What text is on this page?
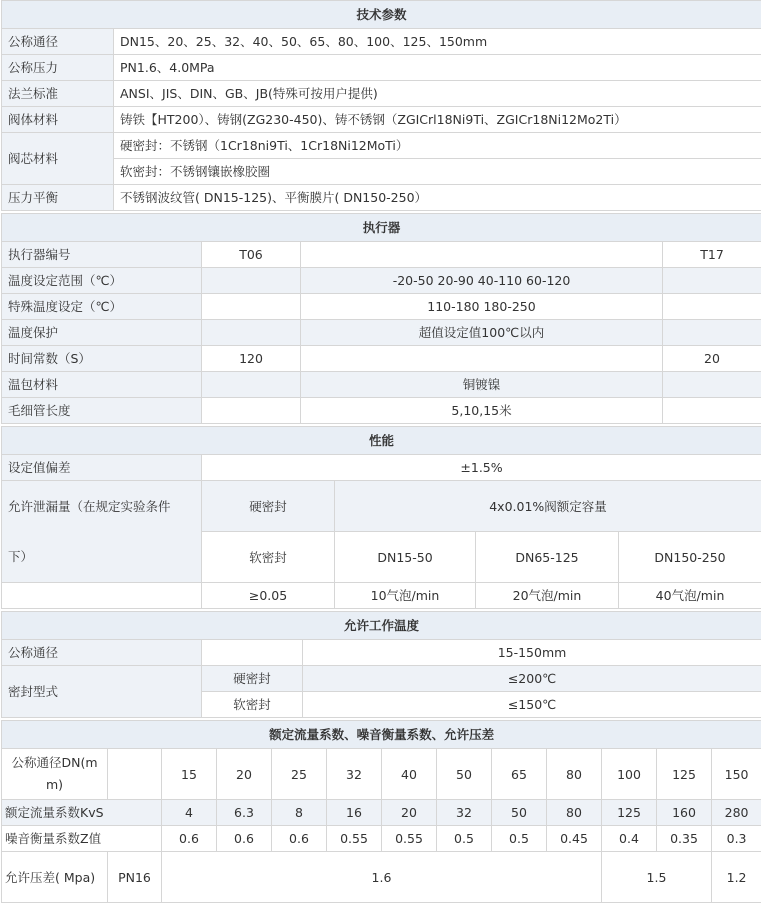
技术参数	
公称通径	DN15、20、25、32、40、50、65、80、100、125、150mm
公称压力	PN1.6、4.0MPa
法兰标准	ANSI、JIS、DIN、GB、JB(特殊可按用户提供)
阀体材料	铸铁【HT200）、铸钢(ZG230-450)、铸不锈钢（ZGICrl18Ni9Ti、ZGICr18Ni12Mo2Ti）
阀芯材料	硬密封：不锈钢（1Cr18ni9Ti、1Cr18Ni12MoTi）
	软密封：不锈钢镶嵌橡胶圈
压力平衡	不锈钢波纹管( DN15-125)、平衡膜片( DN150-250）
执行器			
执行器编号	T06		T17
温度设定范围（℃）		-20-50 20-90 40-110 60-120	
特殊温度设定（℃）		110-180 180-250	
温度保护		超值设定值100℃以内	
时间常数（S）	120		20
温包材料		铜镀镍	
毛细管长度		5,10,15米	
性能				
设定值偏差	±1.5%			
允许泄漏量（在规定实验条件
下）	硬密封	4x0.01%阀额定容量		
	软密封	DN15-50	DN65-125	DN150-250
	≥0.05	10气泡/min	20气泡/min	40气泡/min
允许工作温度		
公称通径		15-150mm
密封型式	硬密封	≤200℃
	软密封	≤150℃
额定流量系数、噪音衡量系数、允许压差												
公称通径DN(m
m)		15	20	25	32	40	50	65	80	100	125	150
额定流量系数KvS		4	6.3	8	16	20	32	50	80	125	160	280
噪音衡量系数Z值		0.6	0.6	0.6	0.55	0.55	0.5	0.5	0.45	0.4	0.35	0.3
允许压差( Mpa)	PN16	1.6								1.5		1.2
